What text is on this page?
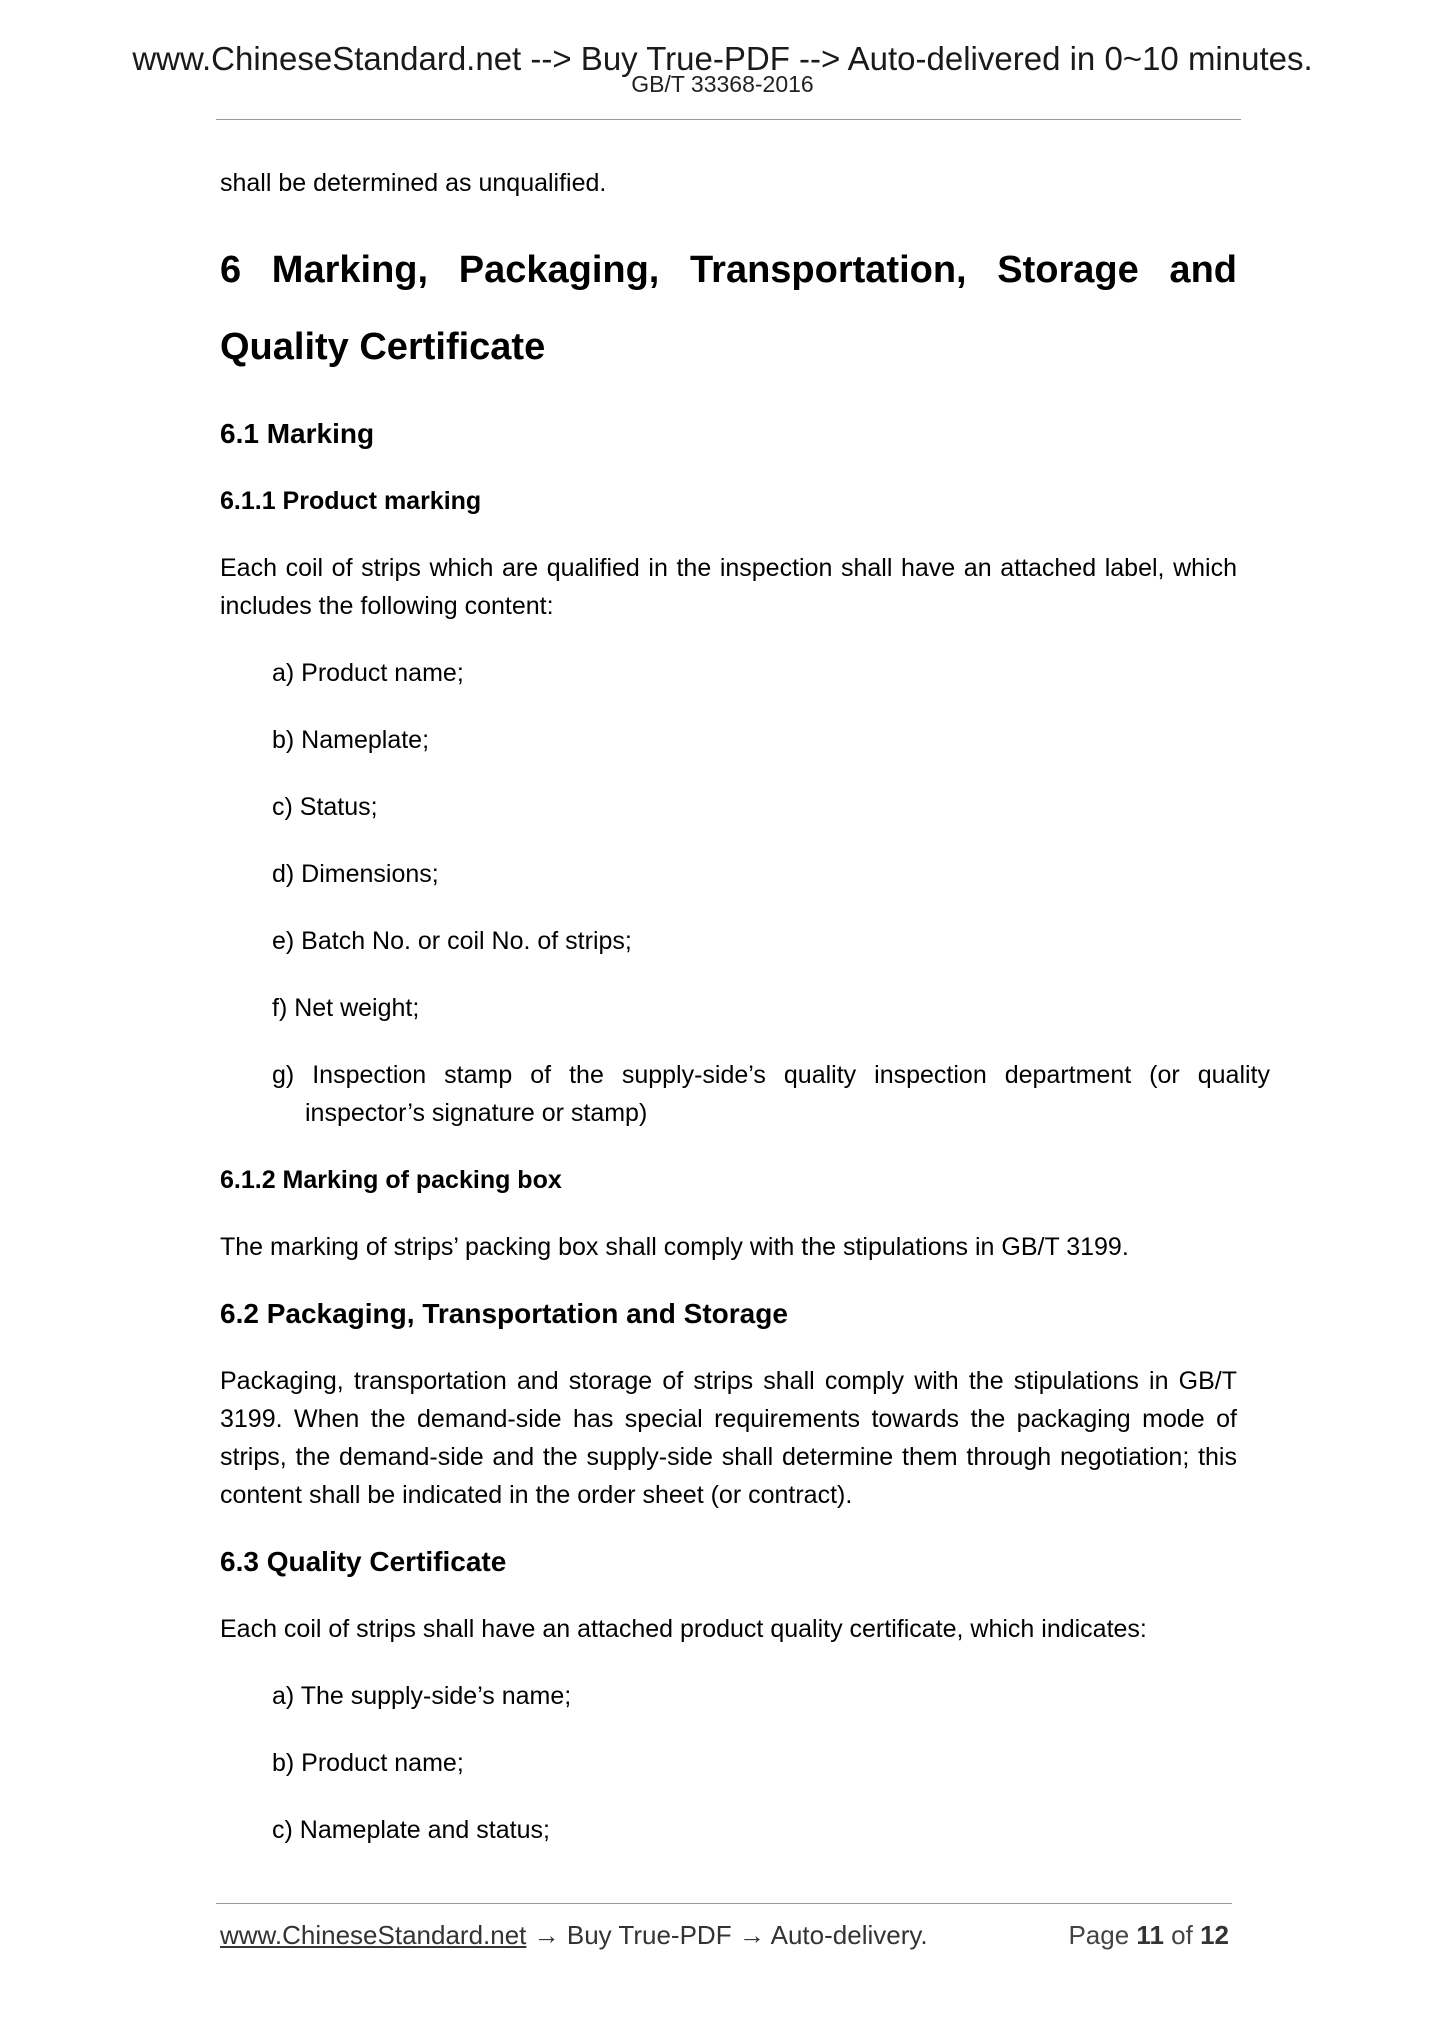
www.ChineseStandard.net --> Buy True-PDF --> Auto-delivered in 0~10 minutes.
GB/T 33368-2016
shall be determined as unqualified.
6 Marking, Packaging, Transportation, Storage and
Quality Certificate
6.1 Marking
6.1.1 Product marking
Each coil of strips which are qualified in the inspection shall have an attached label, which includes the following content:
a) Product name;
b) Nameplate;
c) Status;
d) Dimensions;
e) Batch No. or coil No. of strips;
f) Net weight;
g) Inspection stamp of the supply-side’s quality inspection department (or quality inspector’s signature or stamp)
6.1.2 Marking of packing box
The marking of strips’ packing box shall comply with the stipulations in GB/T 3199.
6.2 Packaging, Transportation and Storage
Packaging, transportation and storage of strips shall comply with the stipulations in GB/T 3199. When the demand-side has special requirements towards the packaging mode of strips, the demand-side and the supply-side shall determine them through negotiation; this content shall be indicated in the order sheet (or contract).
6.3 Quality Certificate
Each coil of strips shall have an attached product quality certificate, which indicates:
a) The supply-side’s name;
b) Product name;
c) Nameplate and status;
www.ChineseStandard.net → Buy True-PDF → Auto-delivery.	Page 11 of 12
